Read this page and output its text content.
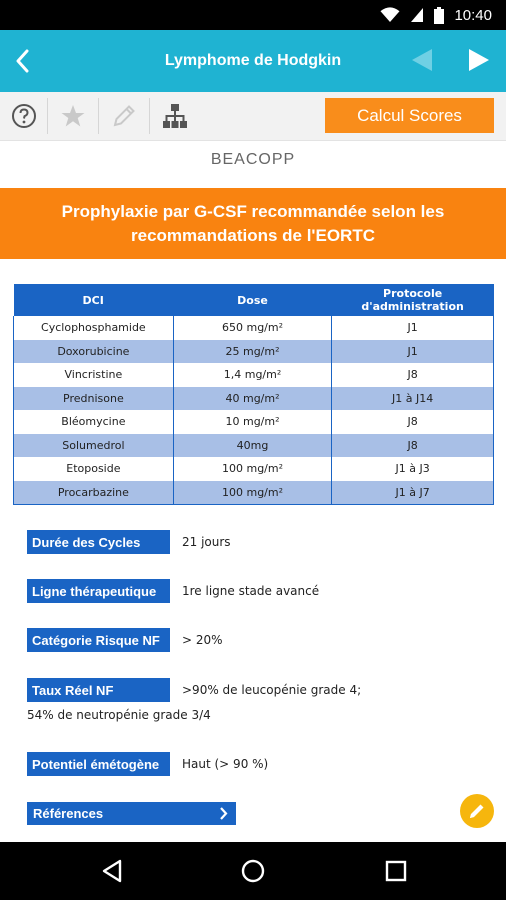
10:40
Lymphome de Hodgkin
Calcul Scores
BEACOPP
Prophylaxie par G-CSF recommandée selon les recommandations de l'EORTC
DCI	Dose	Protocole d'administration
Cyclophosphamide	650 mg/m²	J1
Doxorubicine	25 mg/m²	J1
Vincristine	1,4 mg/m²	J8
Prednisone	40 mg/m²	J1 à J14
Bléomycine	10 mg/m²	J8
Solumedrol	40mg	J8
Etoposide	100 mg/m²	J1 à J3
Procarbazine	100 mg/m²	J1 à J7
Durée des Cycles	21 jours
Ligne thérapeutique	1re ligne stade avancé
Catégorie Risque NF	> 20%
Taux Réel NF	>90% de leucopénie grade 4;
54% de neutropénie grade 3/4
Potentiel émétogène	Haut (> 90 %)
Références
